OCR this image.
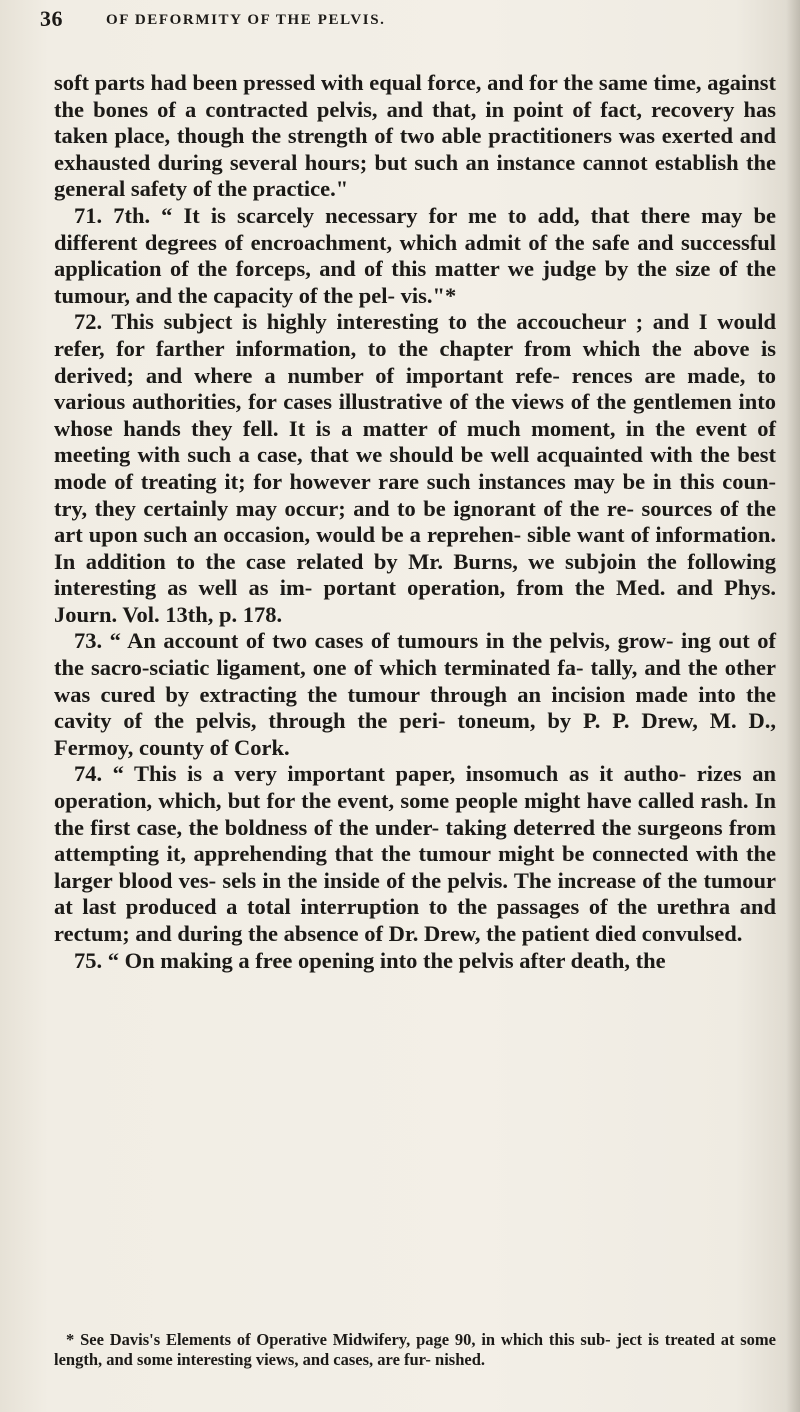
36	OF DEFORMITY OF THE PELVIS.

soft parts had been pressed with equal force, and for the same time, against the bones of a contracted pelvis, and that, in point of fact, recovery has taken place, though the strength of two able practitioners was exerted and exhausted during several hours; but such an instance cannot establish the general safety of the practice."

71. 7th. “ It is scarcely necessary for me to add, that there may be different degrees of encroachment, which admit of the safe and successful application of the forceps, and of this matter we judge by the size of the tumour, and the capacity of the pel- vis."*

72. This subject is highly interesting to the accoucheur ; and I would refer, for farther information, to the chapter from which the above is derived; and where a number of important refe- rences are made, to various authorities, for cases illustrative of the views of the gentlemen into whose hands they fell. It is a matter of much moment, in the event of meeting with such a case, that we should be well acquainted with the best mode of treating it; for however rare such instances may be in this coun- try, they certainly may occur; and to be ignorant of the re- sources of the art upon such an occasion, would be a reprehen- sible want of information. In addition to the case related by Mr. Burns, we subjoin the following interesting as well as im- portant operation, from the Med. and Phys. Journ. Vol. 13th, p. 178.

73. “ An account of two cases of tumours in the pelvis, grow- ing out of the sacro-sciatic ligament, one of which terminated fa- tally, and the other was cured by extracting the tumour through an incision made into the cavity of the pelvis, through the peri- toneum, by P. P. Drew, M. D., Fermoy, county of Cork.

74. “ This is a very important paper, insomuch as it autho- rizes an operation, which, but for the event, some people might have called rash. In the first case, the boldness of the under- taking deterred the surgeons from attempting it, apprehending that the tumour might be connected with the larger blood ves- sels in the inside of the pelvis. The increase of the tumour at last produced a total interruption to the passages of the urethra and rectum; and during the absence of Dr. Drew, the patient died convulsed.

75. “ On making a free opening into the pelvis after death, the

* See Davis's Elements of Operative Midwifery, page 90, in which this sub- ject is treated at some length, and some interesting views, and cases, are fur- nished.
